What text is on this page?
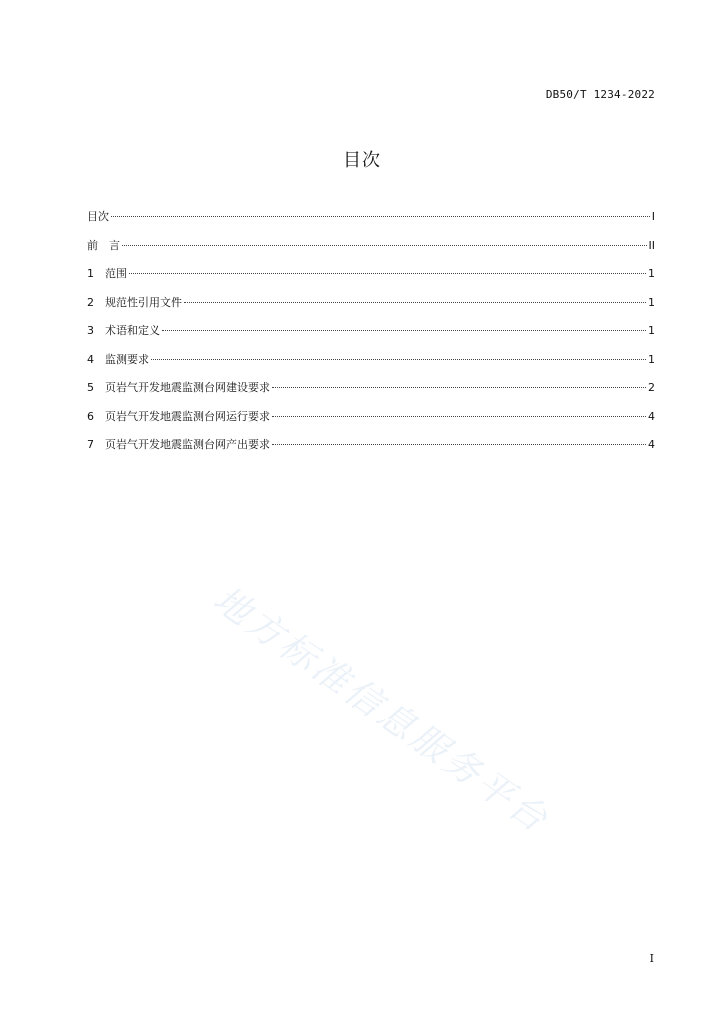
DB50/T 1234-2022
目次
目次	I
前　言	II
1	范围	1
2	规范性引用文件	1
3	术语和定义	1
4	监测要求	1
5	页岩气开发地震监测台网建设要求	2
6	页岩气开发地震监测台网运行要求	4
7	页岩气开发地震监测台网产出要求	4
地方标准信息服务平台
I
